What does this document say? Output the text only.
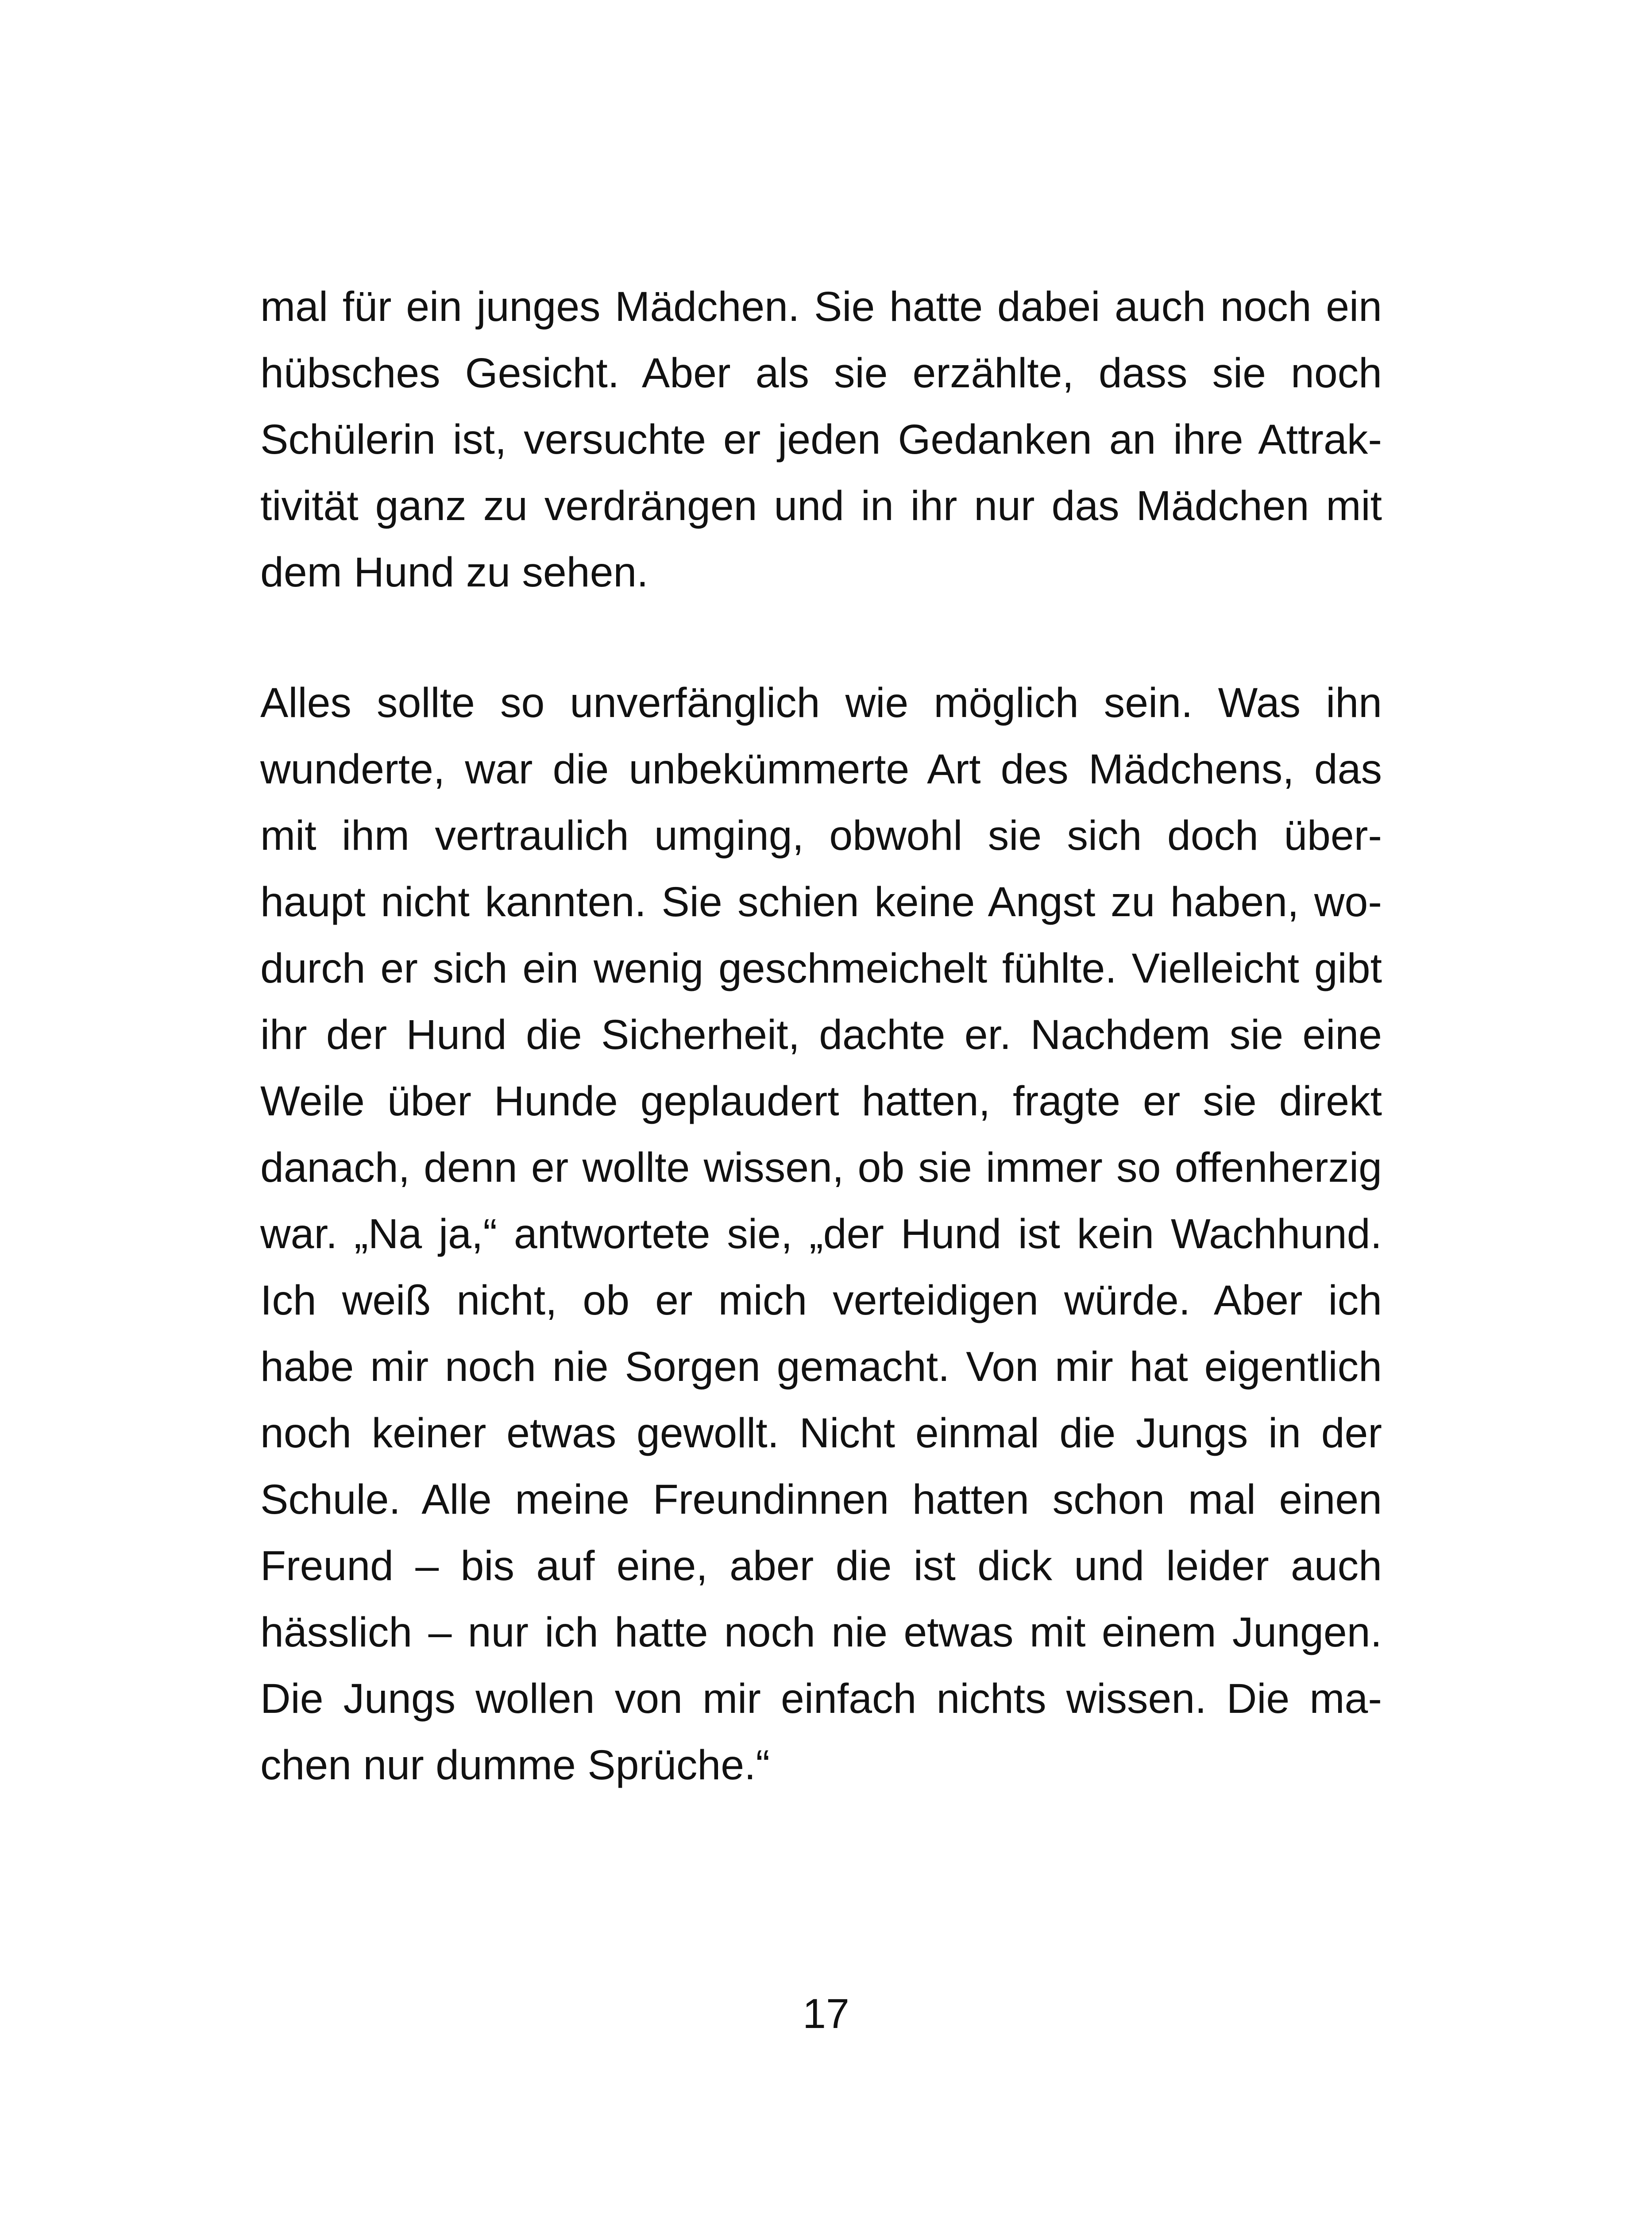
mal für ein junges Mädchen. Sie hatte dabei auch noch ein
hübsches Gesicht. Aber als sie erzählte, dass sie noch
Schülerin ist, versuchte er jeden Gedanken an ihre Attrak-
tivität ganz zu verdrängen und in ihr nur das Mädchen mit
dem Hund zu sehen.
Alles sollte so unverfänglich wie möglich sein. Was ihn
wunderte, war die unbekümmerte Art des Mädchens, das
mit ihm vertraulich umging, obwohl sie sich doch über-
haupt nicht kannten. Sie schien keine Angst zu haben, wo-
durch er sich ein wenig geschmeichelt fühlte. Vielleicht gibt
ihr der Hund die Sicherheit, dachte er. Nachdem sie eine
Weile über Hunde geplaudert hatten, fragte er sie direkt
danach, denn er wollte wissen, ob sie immer so offenherzig
war. „Na ja,“ antwortete sie, „der Hund ist kein Wachhund.
Ich weiß nicht, ob er mich verteidigen würde. Aber ich
habe mir noch nie Sorgen gemacht. Von mir hat eigentlich
noch keiner etwas gewollt. Nicht einmal die Jungs in der
Schule. Alle meine Freundinnen hatten schon mal einen
Freund – bis auf eine, aber die ist dick und leider auch
hässlich – nur ich hatte noch nie etwas mit einem Jungen.
Die Jungs wollen von mir einfach nichts wissen. Die ma-
chen nur dumme Sprüche.“
17
